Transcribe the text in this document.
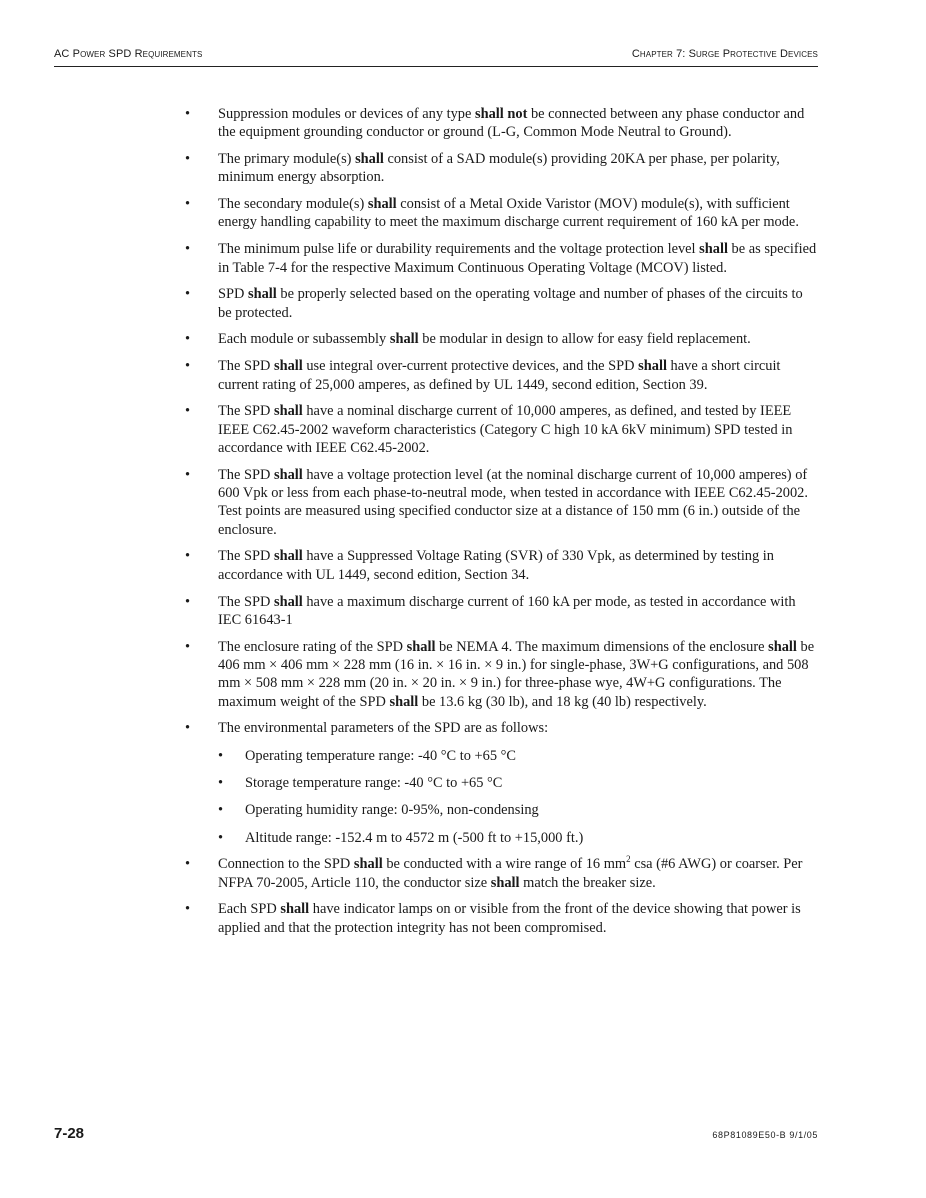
AC Power SPD Requirements	Chapter 7: Surge Protective Devices
• Suppression modules or devices of any type shall not be connected between any phase conductor and the equipment grounding conductor or ground (L-G, Common Mode Neutral to Ground).
• The primary module(s) shall consist of a SAD module(s) providing 20KA per phase, per polarity, minimum energy absorption.
• The secondary module(s) shall consist of a Metal Oxide Varistor (MOV) module(s), with sufficient energy handling capability to meet the maximum discharge current requirement of 160 kA per mode.
• The minimum pulse life or durability requirements and the voltage protection level shall be as specified in Table 7-4 for the respective Maximum Continuous Operating Voltage (MCOV) listed.
• SPD shall be properly selected based on the operating voltage and number of phases of the circuits to be protected.
• Each module or subassembly shall be modular in design to allow for easy field replacement.
• The SPD shall use integral over-current protective devices, and the SPD shall have a short circuit current rating of 25,000 amperes, as defined by UL 1449, second edition, Section 39.
• The SPD shall have a nominal discharge current of 10,000 amperes, as defined, and tested by IEEE IEEE C62.45-2002 waveform characteristics (Category C high 10 kA 6kV minimum) SPD tested in accordance with IEEE C62.45-2002.
• The SPD shall have a voltage protection level (at the nominal discharge current of 10,000 amperes) of 600 Vpk or less from each phase-to-neutral mode, when tested in accordance with IEEE C62.45-2002. Test points are measured using specified conductor size at a distance of 150 mm (6 in.) outside of the enclosure.
• The SPD shall have a Suppressed Voltage Rating (SVR) of 330 Vpk, as determined by testing in accordance with UL 1449, second edition, Section 34.
• The SPD shall have a maximum discharge current of 160 kA per mode, as tested in accordance with IEC 61643-1
• The enclosure rating of the SPD shall be NEMA 4. The maximum dimensions of the enclosure shall be 406 mm × 406 mm × 228 mm (16 in. × 16 in. × 9 in.) for single-phase, 3W+G configurations, and 508 mm × 508 mm × 228 mm (20 in. × 20 in. × 9 in.) for three-phase wye, 4W+G configurations. The maximum weight of the SPD shall be 13.6 kg (30 lb), and 18 kg (40 lb) respectively.
• The environmental parameters of the SPD are as follows:
• Operating temperature range: -40 °C to +65 °C
• Storage temperature range: -40 °C to +65 °C
• Operating humidity range: 0-95%, non-condensing
• Altitude range: -152.4 m to 4572 m (-500 ft to +15,000 ft.)
• Connection to the SPD shall be conducted with a wire range of 16 $mm^2$ csa (#6 AWG) or coarser. Per NFPA 70-2005, Article 110, the conductor size shall match the breaker size.
• Each SPD shall have indicator lamps on or visible from the front of the device showing that power is applied and that the protection integrity has not been compromised.
7-28	68P81089E50-B 9/1/05
